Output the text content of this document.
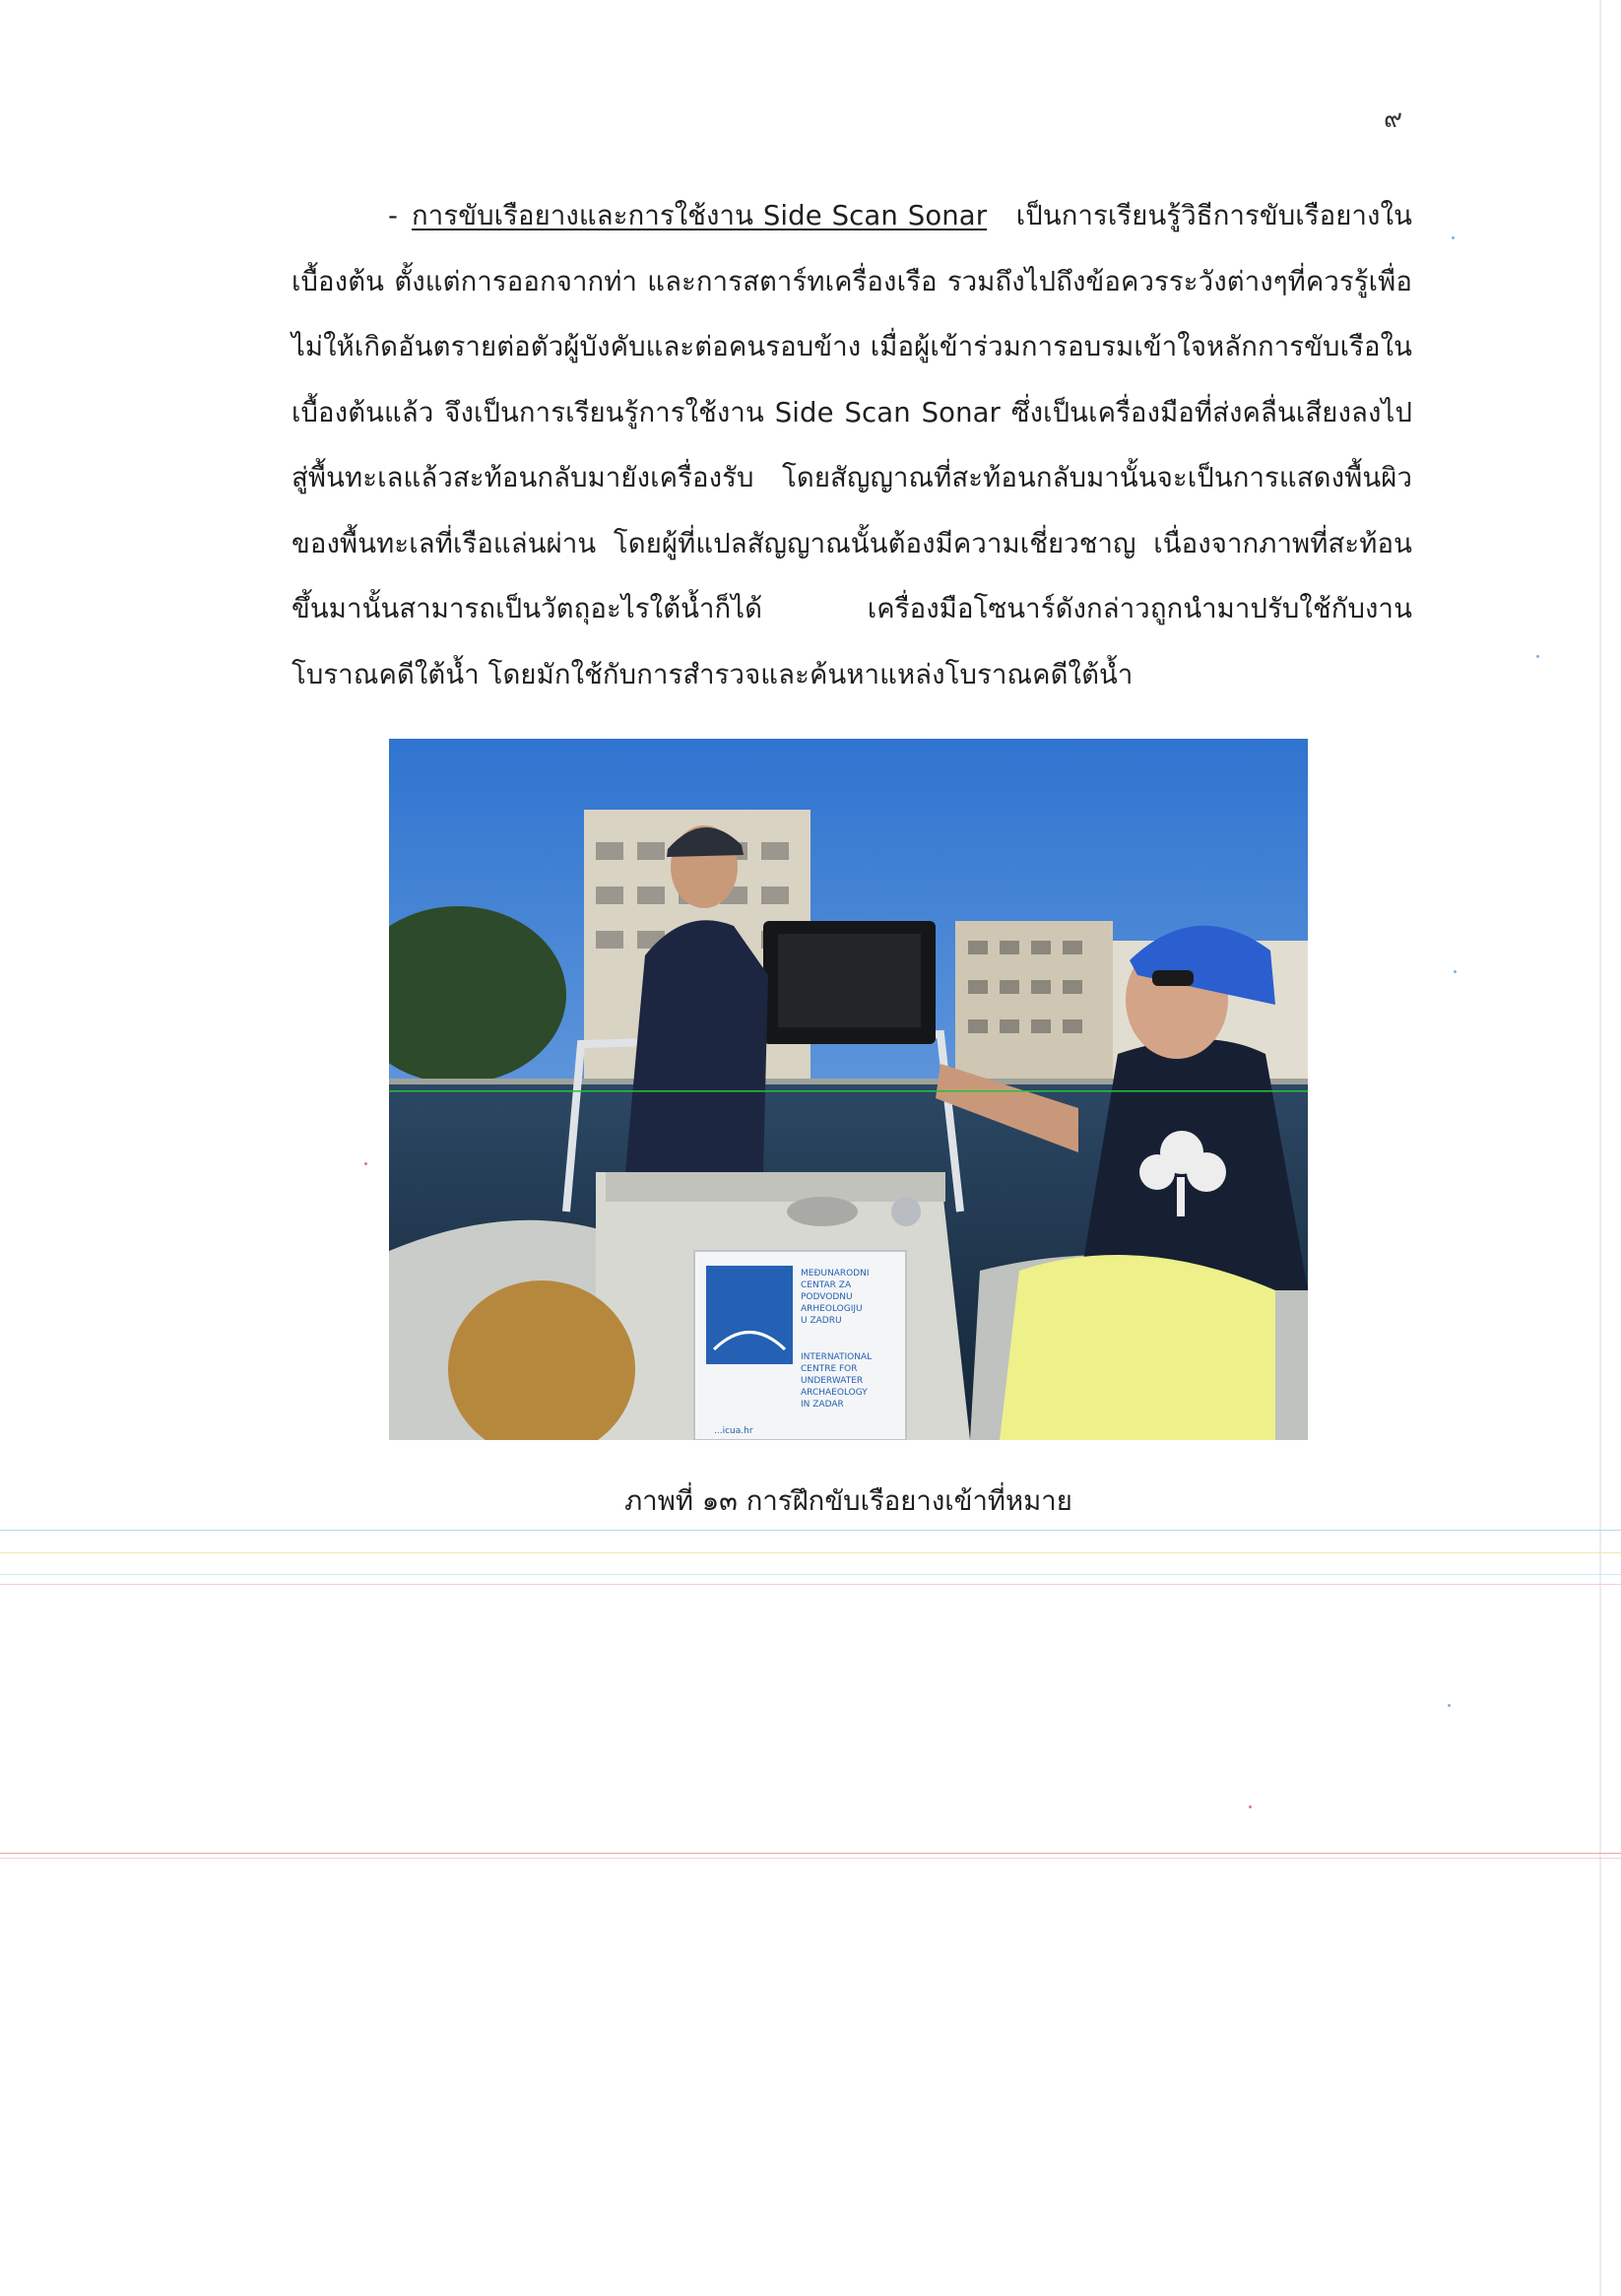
๙

- การขับเรือยางและการใช้งาน Side Scan Sonar เป็นการเรียนรู้วิธีการขับเรือยางในเบื้องต้น ตั้งแต่การออกจากท่า และการสตาร์ทเครื่องเรือ รวมถึงไปถึงข้อควรระวังต่างๆที่ควรรู้เพื่อไม่ให้เกิดอันตรายต่อตัวผู้บังคับและต่อคนรอบข้าง เมื่อผู้เข้าร่วมการอบรมเข้าใจหลักการขับเรือในเบื้องต้นแล้ว จึงเป็นการเรียนรู้การใช้งาน Side Scan Sonar ซึ่งเป็นเครื่องมือที่ส่งคลื่นเสียงลงไปสู่พื้นทะเลแล้วสะท้อนกลับมายังเครื่องรับ โดยสัญญาณที่สะท้อนกลับมานั้นจะเป็นการแสดงพื้นผิวของพื้นทะเลที่เรือแล่นผ่าน โดยผู้ที่แปลสัญญาณนั้นต้องมีความเชี่ยวชาญ เนื่องจากภาพที่สะท้อนขึ้นมานั้นสามารถเป็นวัตถุอะไรใต้น้ำก็ได้ เครื่องมือโซนาร์ดังกล่าวถูกนำมาปรับใช้กับงานโบราณคดีใต้น้ำ โดยมักใช้กับการสำรวจและค้นหาแหล่งโบราณคดีใต้น้ำ

MEĐUNARODNI CENTAR ZA PODVODNU ARHEOLOGIJU U ZADRU
INTERNATIONAL CENTRE FOR UNDERWATER ARCHAEOLOGY IN ZADAR
...icua.hr
ภาพที่ ๑๓ การฝึกขับเรือยางเข้าที่หมาย
